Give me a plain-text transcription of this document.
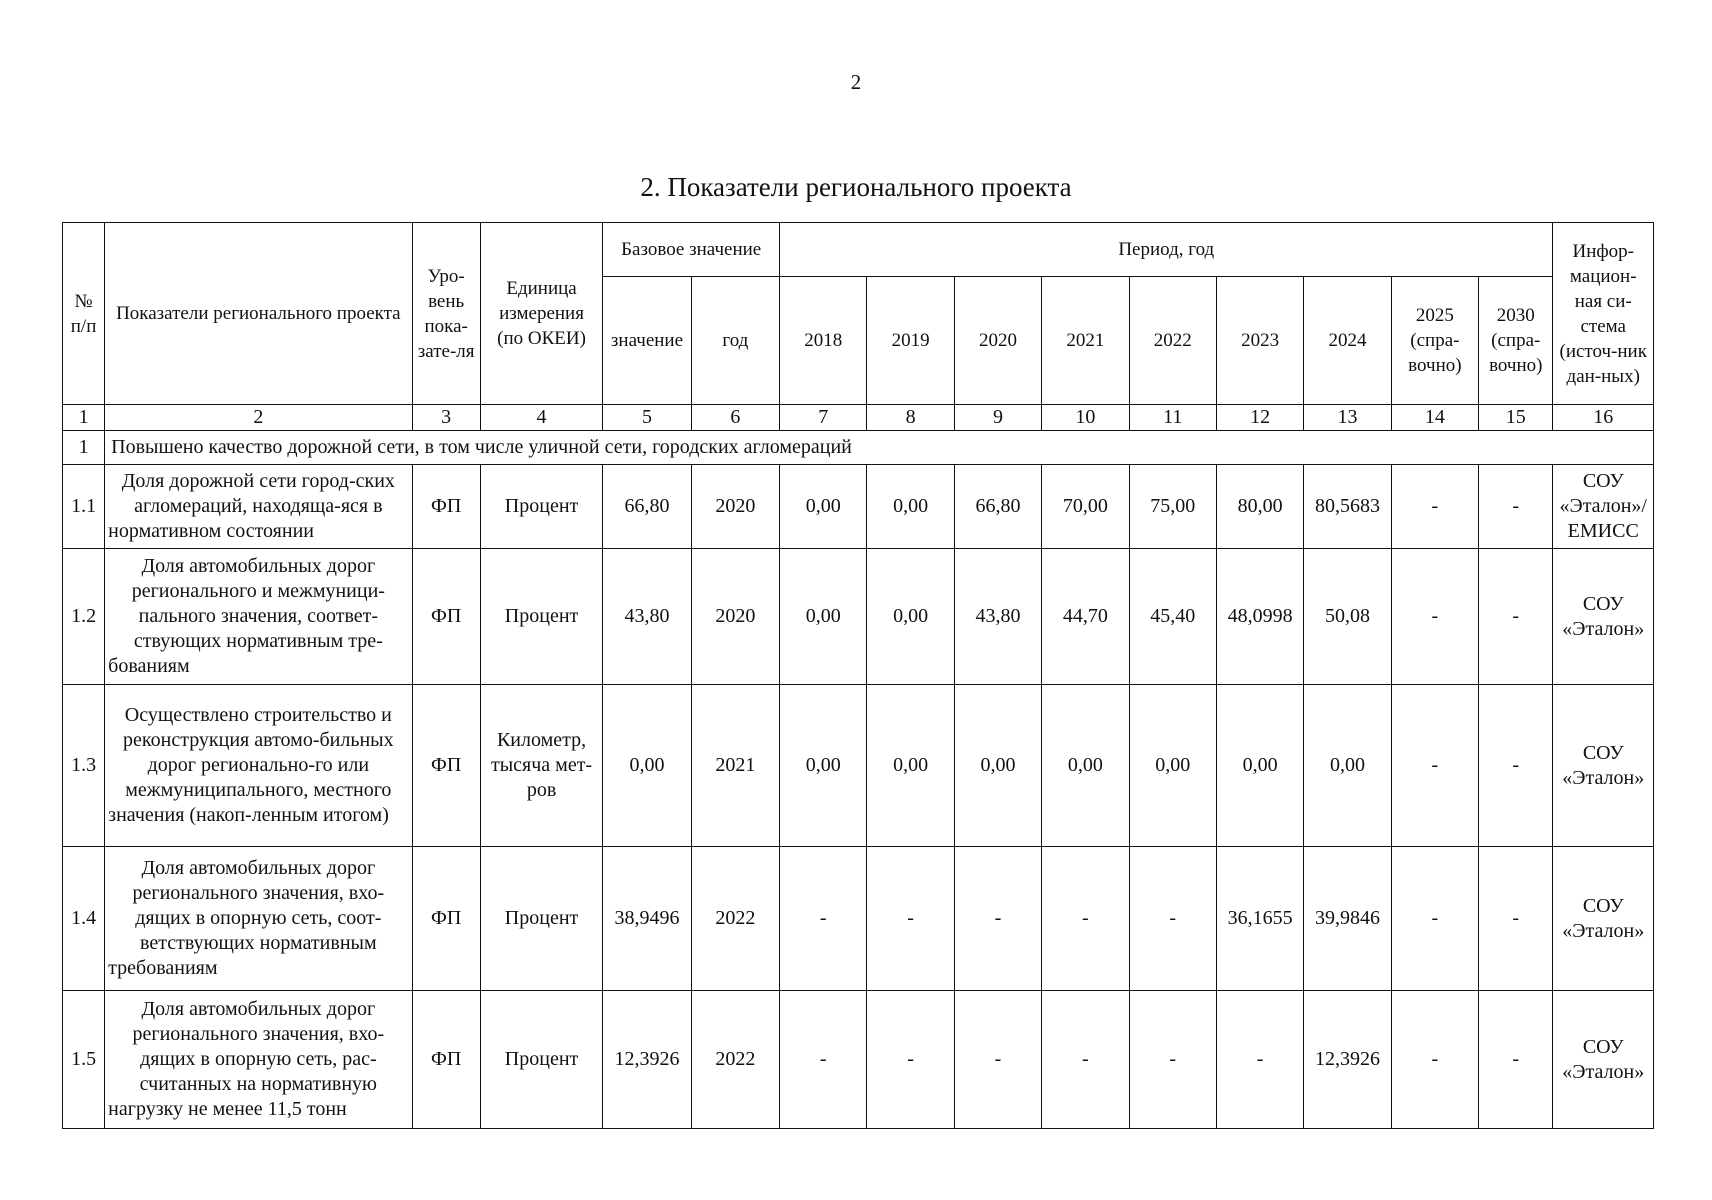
2
2. Показатели регионального проекта
№ п/п	Показатели регионального проекта	Уро-вень пока-зате-ля	Единица измерения (по ОКЕИ)	Базовое значение		Период, год									Инфор-мацион-ная си-стема (источ-ник дан-ных)
				значение	год	2018	2019	2020	2021	2022	2023	2024	2025 (спра-вочно)	2030 (спра-вочно)	
1	2	3	4	5	6	7	8	9	10	11	12	13	14	15	16
1	Повышено качество дорожной сети, в том числе уличной сети, городских агломераций														
1.1	Доля дорожной сети город-ских агломераций, находяща-яся в нормативном состоянии	ФП	Процент	66,80	2020	0,00	0,00	66,80	70,00	75,00	80,00	80,5683	-	-	СОУ «Эталон»/ ЕМИСС
1.2	Доля автомобильных дорог регионального и межмуници-пального значения, соответ-ствующих нормативным тре-бованиям	ФП	Процент	43,80	2020	0,00	0,00	43,80	44,70	45,40	48,0998	50,08	-	-	СОУ «Эталон»
1.3	Осуществлено строительство и реконструкция автомо-бильных дорог регионально-го или межмуниципального, местного значения (накоп-ленным итогом)	ФП	Километр, тысяча мет-ров	0,00	2021	0,00	0,00	0,00	0,00	0,00	0,00	0,00	-	-	СОУ «Эталон»
1.4	Доля автомобильных дорог регионального значения, вхо-дящих в опорную сеть, соот-ветствующих нормативным требованиям	ФП	Процент	38,9496	2022	-	-	-	-	-	36,1655	39,9846	-	-	СОУ «Эталон»
1.5	Доля автомобильных дорог регионального значения, вхо-дящих в опорную сеть, рас-считанных на нормативную нагрузку не менее 11,5 тонн	ФП	Процент	12,3926	2022	-	-	-	-	-	-	12,3926	-	-	СОУ «Эталон»
